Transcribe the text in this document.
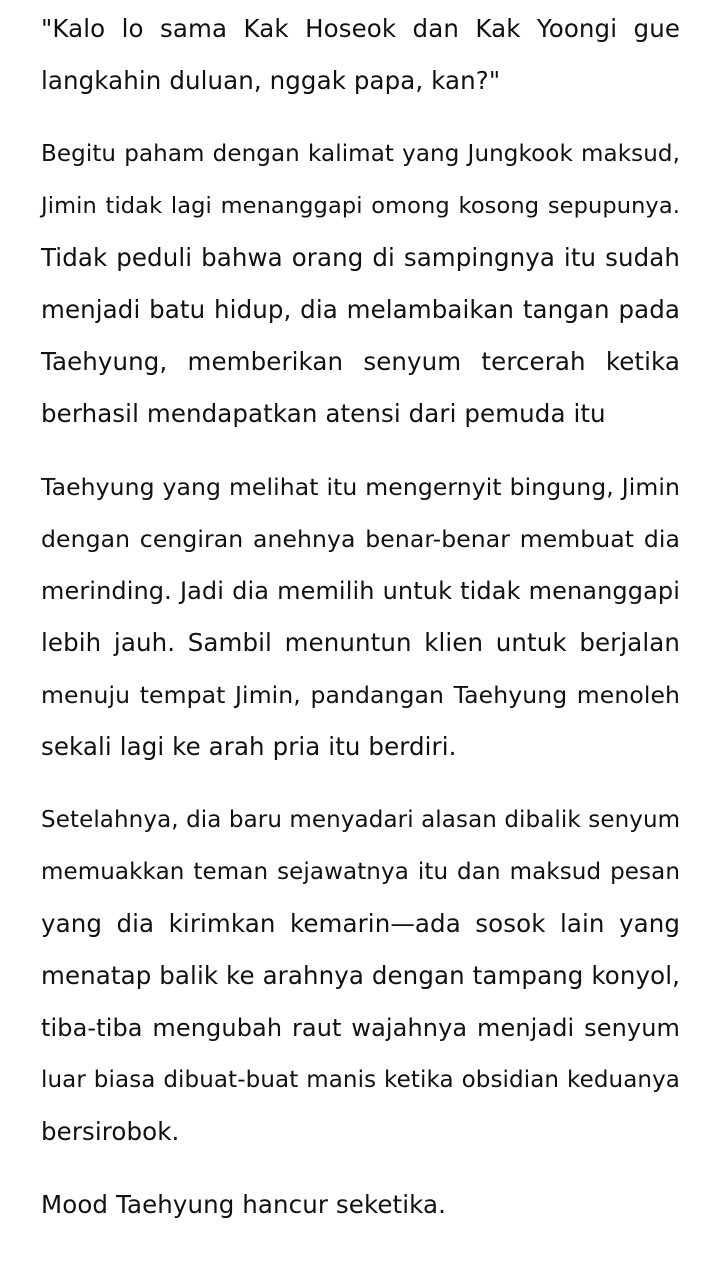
"Kalo lo sama Kak Hoseok dan Kak Yoongi gue
langkahin duluan, nggak papa, kan?"
Begitu paham dengan kalimat yang Jungkook maksud,
Jimin tidak lagi menanggapi omong kosong sepupunya.
Tidak peduli bahwa orang di sampingnya itu sudah
menjadi batu hidup, dia melambaikan tangan pada
Taehyung, memberikan senyum tercerah ketika
berhasil mendapatkan atensi dari pemuda itu
Taehyung yang melihat itu mengernyit bingung, Jimin
dengan cengiran anehnya benar-benar membuat dia
merinding. Jadi dia memilih untuk tidak menanggapi
lebih jauh. Sambil menuntun klien untuk berjalan
menuju tempat Jimin, pandangan Taehyung menoleh
sekali lagi ke arah pria itu berdiri.
Setelahnya, dia baru menyadari alasan dibalik senyum
memuakkan teman sejawatnya itu dan maksud pesan
yang dia kirimkan kemarin—ada sosok lain yang
menatap balik ke arahnya dengan tampang konyol,
tiba-tiba mengubah raut wajahnya menjadi senyum
luar biasa dibuat-buat manis ketika obsidian keduanya
bersirobok.
Mood Taehyung hancur seketika.
